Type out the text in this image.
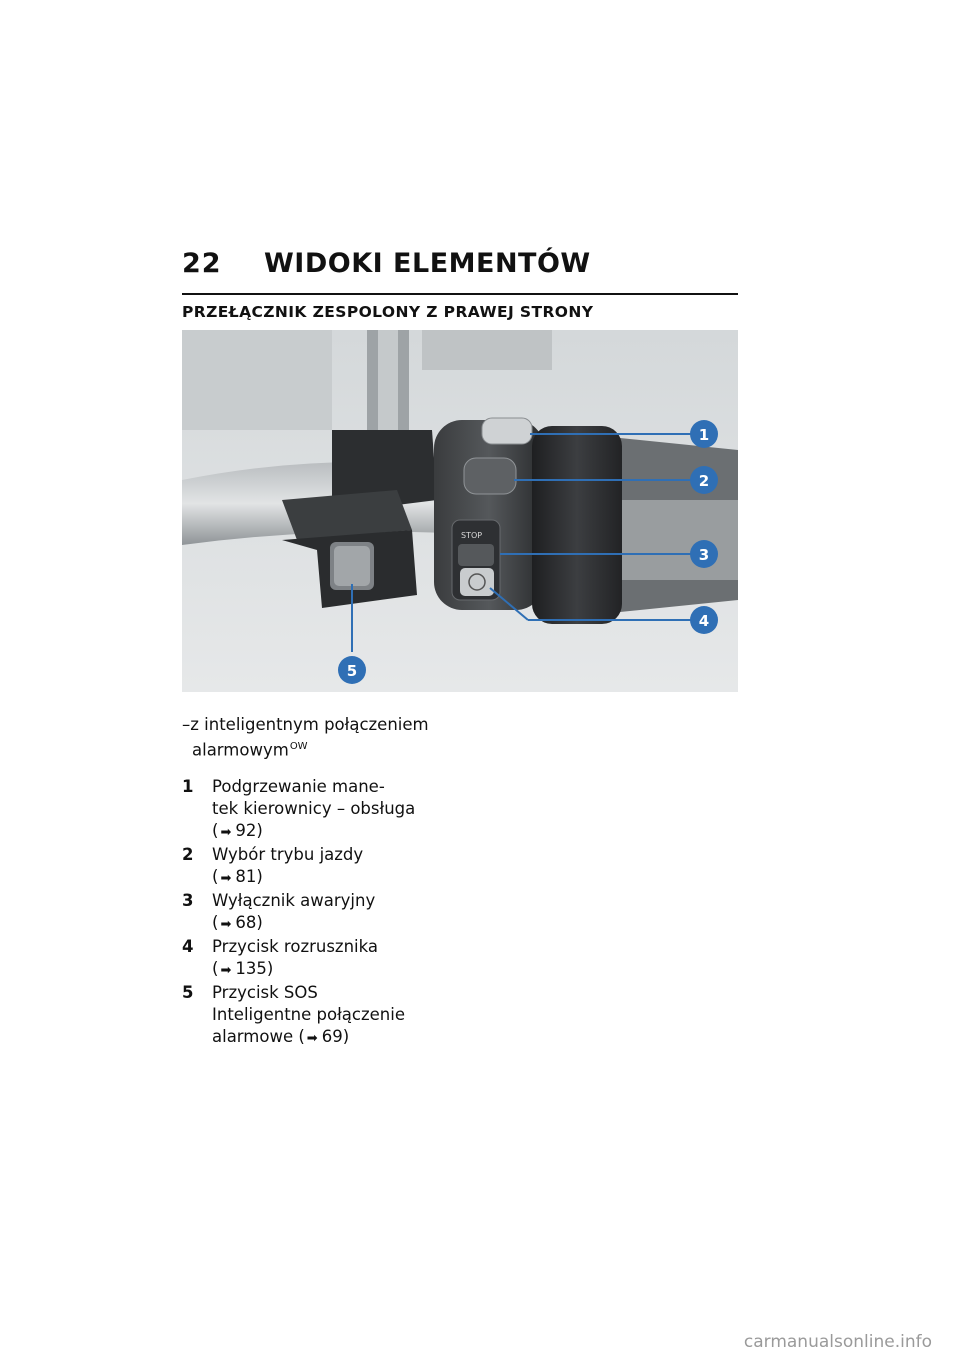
22	WIDOKI ELEMENTÓW
PRZEŁĄCZNIK ZESPOLONY Z PRAWEJ STRONY
STOP
1
2
3
4
5

–z inteligentnym połączeniem
alarmowym$^{OW}$

1	Podgrzewanie mane-
tek kierownicy – obsługa
( ➡ 92)
2	Wybór trybu jazdy
( ➡ 81)
3	Wyłącznik awaryjny
( ➡ 68)
4	Przycisk rozrusznika
( ➡ 135)
5	Przycisk SOS
Inteligentne połączenie
alarmowe ( ➡ 69)
carmanualsonline.info
